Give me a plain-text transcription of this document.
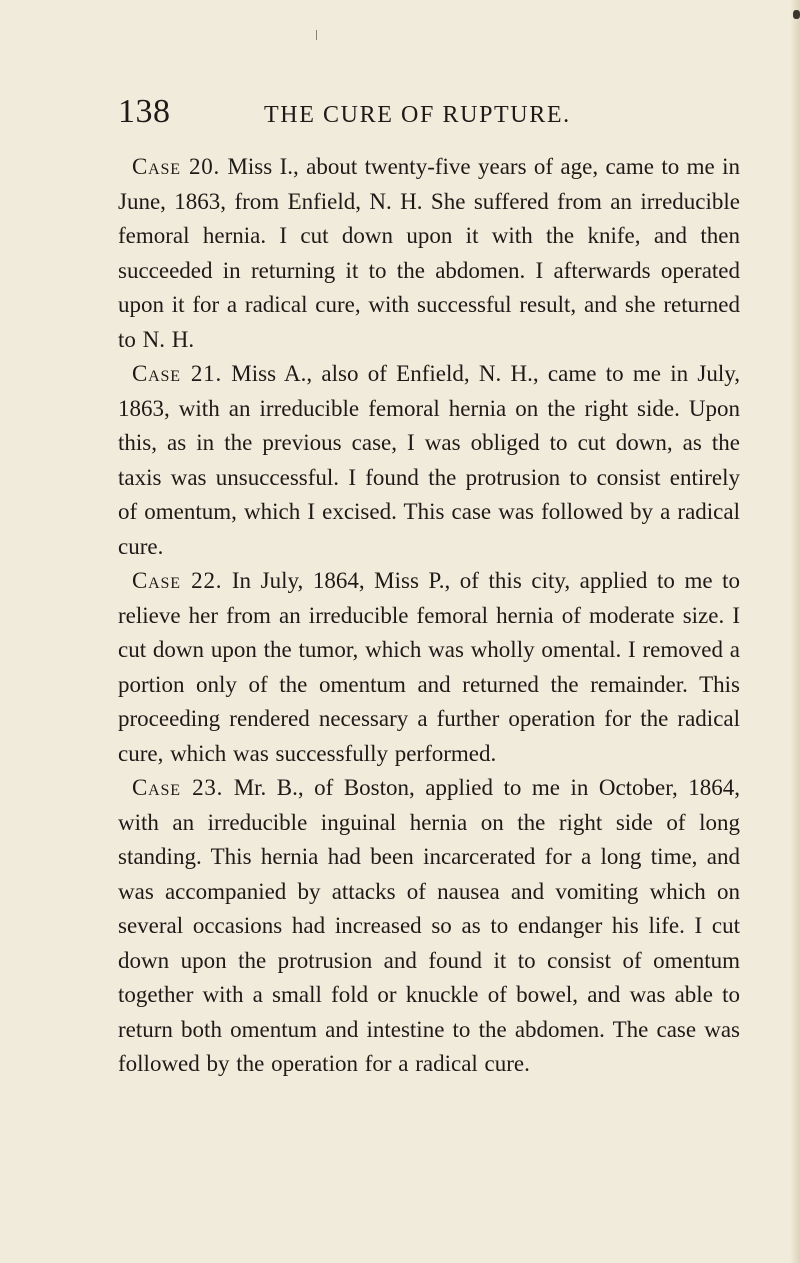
138	THE CURE OF RUPTURE.

Case 20. Miss I., about twenty-five years of age, came to me in June, 1863, from Enfield, N. H. She suffered from an irreducible femoral hernia. I cut down upon it with the knife, and then succeeded in returning it to the abdomen. I afterwards operated upon it for a radical cure, with successful result, and she returned to N. H.

Case 21. Miss A., also of Enfield, N. H., came to me in July, 1863, with an irreducible femoral hernia on the right side. Upon this, as in the previous case, I was obliged to cut down, as the taxis was unsuccessful. I found the protrusion to consist entirely of omentum, which I excised. This case was followed by a radical cure.

Case 22. In July, 1864, Miss P., of this city, applied to me to relieve her from an irreducible femoral hernia of moderate size. I cut down upon the tumor, which was wholly omental. I removed a portion only of the omentum and returned the remainder. This proceeding rendered necessary a further operation for the radical cure, which was successfully performed.

Case 23. Mr. B., of Boston, applied to me in October, 1864, with an irreducible inguinal hernia on the right side of long standing. This hernia had been incarcerated for a long time, and was accompanied by attacks of nausea and vomiting which on several occasions had increased so as to endanger his life. I cut down upon the protrusion and found it to consist of omentum together with a small fold or knuckle of bowel, and was able to return both omentum and intestine to the abdomen. The case was followed by the operation for a radical cure.
